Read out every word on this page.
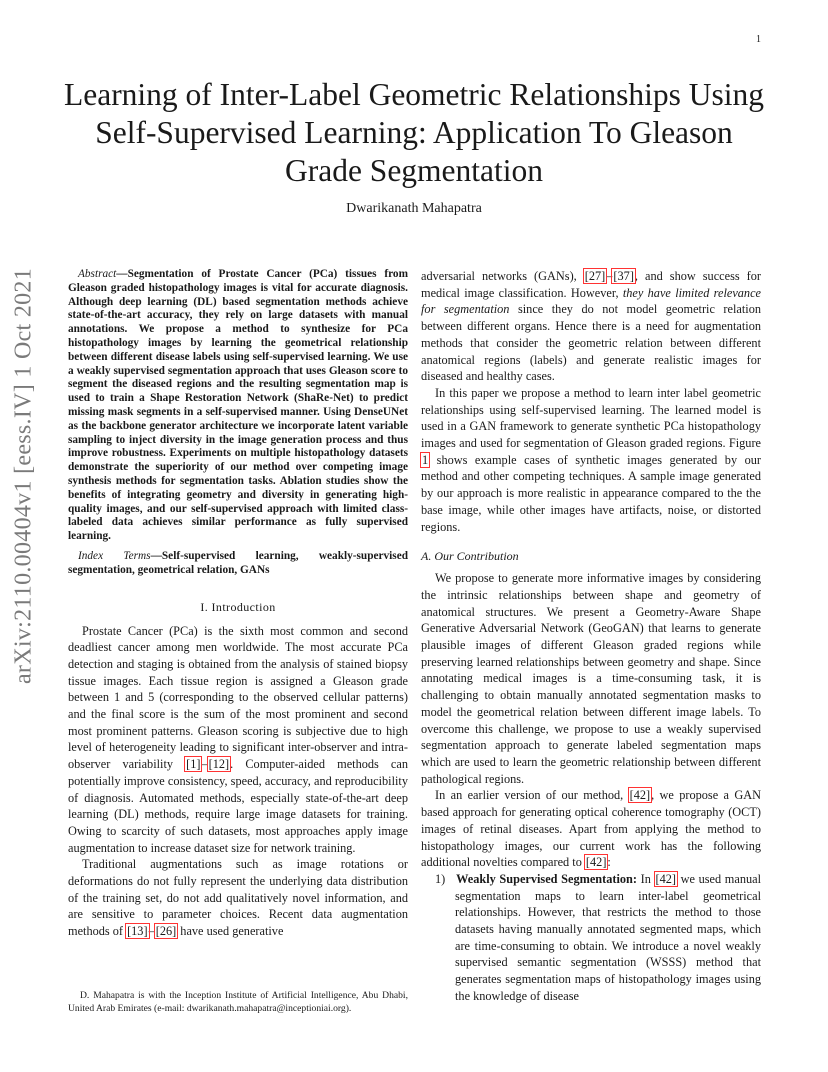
1
arXiv:2110.00404v1 [eess.IV] 1 Oct 2021
Learning of Inter-Label Geometric Relationships Using Self-Supervised Learning: Application To Gleason Grade Segmentation
Dwarikanath Mahapatra

Abstract—Segmentation of Prostate Cancer (PCa) tissues from Gleason graded histopathology images is vital for accurate diagnosis. Although deep learning (DL) based segmentation methods achieve state-of-the-art accuracy, they rely on large datasets with manual annotations. We propose a method to synthesize for PCa histopathology images by learning the geometrical relationship between different disease labels using self-supervised learning. We use a weakly supervised segmentation approach that uses Gleason score to segment the diseased regions and the resulting segmentation map is used to train a Shape Restoration Network (ShaRe-Net) to predict missing mask segments in a self-supervised manner. Using DenseUNet as the backbone generator architecture we incorporate latent variable sampling to inject diversity in the image generation process and thus improve robustness. Experiments on multiple histopathology datasets demonstrate the superiority of our method over competing image synthesis methods for segmentation tasks. Ablation studies show the benefits of integrating geometry and diversity in generating high-quality images, and our self-supervised approach with limited class-labeled data achieves similar performance as fully supervised learning.

Index Terms—Self-supervised learning, weakly-supervised segmentation, geometrical relation, GANs

I. Introduction

Prostate Cancer (PCa) is the sixth most common and second deadliest cancer among men worldwide. The most accurate PCa detection and staging is obtained from the analysis of stained biopsy tissue images. Each tissue region is assigned a Gleason grade between 1 and 5 (corresponding to the observed cellular patterns) and the final score is the sum of the most prominent and second most prominent patterns. Gleason scoring is subjective due to high level of heterogeneity leading to significant inter-observer and intra-observer variability [1]–[12]. Computer-aided methods can potentially improve consistency, speed, accuracy, and reproducibility of diagnosis. Automated methods, especially state-of-the-art deep learning (DL) methods, require large image datasets for training. Owing to scarcity of such datasets, most approaches apply image augmentation to increase dataset size for network training.

Traditional augmentations such as image rotations or deformations do not fully represent the underlying data distribution of the training set, do not add qualitatively novel information, and are sensitive to parameter choices. Recent data augmentation methods of [13]–[26] have used generative

D. Mahapatra is with the Inception Institute of Artificial Intelligence, Abu Dhabi, United Arab Emirates (e-mail: dwarikanath.mahapatra@inceptioniai.org).

adversarial networks (GANs), [27]–[37], and show success for medical image classification. However, they have limited relevance for segmentation since they do not model geometric relation between different organs. Hence there is a need for augmentation methods that consider the geometric relation between different anatomical regions (labels) and generate realistic images for diseased and healthy cases.

In this paper we propose a method to learn inter label geometric relationships using self-supervised learning. The learned model is used in a GAN framework to generate synthetic PCa histopathology images and used for segmentation of Gleason graded regions. Figure 1 shows example cases of synthetic images generated by our method and other competing techniques. A sample image generated by our approach is more realistic in appearance compared to the the base image, while other images have artifacts, noise, or distorted regions.

A. Our Contribution

We propose to generate more informative images by considering the intrinsic relationships between shape and geometry of anatomical structures. We present a Geometry-Aware Shape Generative Adversarial Network (GeoGAN) that learns to generate plausible images of different Gleason graded regions while preserving learned relationships between geometry and shape. Since annotating medical images is a time-consuming task, it is challenging to obtain manually annotated segmentation masks to model the geometrical relation between different image labels. To overcome this challenge, we propose to use a weakly supervised segmentation approach to generate labeled segmentation maps which are used to learn the geometric relationship between different pathological regions.

In an earlier version of our method, [42], we propose a GAN based approach for generating optical coherence tomography (OCT) images of retinal diseases. Apart from applying the method to histopathology images, our current work has the following additional novelties compared to [42]:

1) Weakly Supervised Segmentation: In [42] we used manual segmentation maps to learn inter-label geometrical relationships. However, that restricts the method to those datasets having manually annotated segmented maps, which are time-consuming to obtain. We introduce a novel weakly supervised semantic segmentation (WSSS) method that generates segmentation maps of histopathology images using the knowledge of disease
